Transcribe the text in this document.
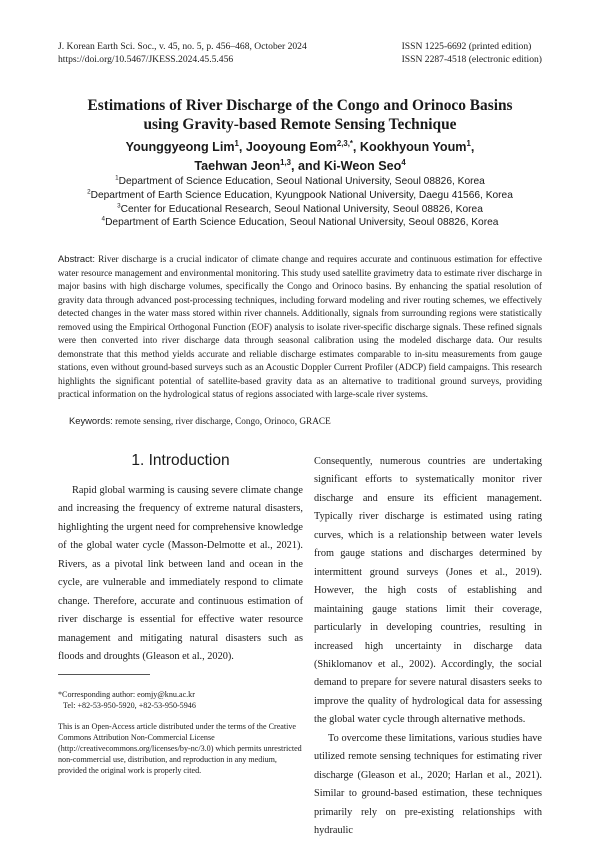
J. Korean Earth Sci. Soc., v. 45, no. 5, p. 456–468, October 2024
https://doi.org/10.5467/JKESS.2024.45.5.456
ISSN 1225-6692 (printed edition)
ISSN 2287-4518 (electronic edition)
Estimations of River Discharge of the Congo and Orinoco Basins
using Gravity-based Remote Sensing Technique
Younggyeong Lim$^1$, Jooyoung Eom$^{2,3,*}$, Kookhyoun Youm$^1$,
Taehwan Jeon$^{1,3}$, and Ki-Weon Seo$^4$
$^1$Department of Science Education, Seoul National University, Seoul 08826, Korea
$^2$Department of Earth Science Education, Kyungpook National University, Daegu 41566, Korea
$^3$Center for Educational Research, Seoul National University, Seoul 08826, Korea
$^4$Department of Earth Science Education, Seoul National University, Seoul 08826, Korea
Abstract: River discharge is a crucial indicator of climate change and requires accurate and continuous estimation for effective water resource management and environmental monitoring. This study used satellite gravimetry data to estimate river discharge in major basins with high discharge volumes, specifically the Congo and Orinoco basins. By enhancing the spatial resolution of gravity data through advanced post-processing techniques, including forward modeling and river routing schemes, we effectively detected changes in the water mass stored within river channels. Additionally, signals from surrounding regions were statistically removed using the Empirical Orthogonal Function (EOF) analysis to isolate river-specific discharge signals. These refined signals were then converted into river discharge data through seasonal calibration using the modeled discharge data. Our results demonstrate that this method yields accurate and reliable discharge estimates comparable to in-situ measurements from gauge stations, even without ground-based surveys such as an Acoustic Doppler Current Profiler (ADCP) field campaigns. This research highlights the significant potential of satellite-based gravity data as an alternative to traditional ground surveys, providing practical information on the hydrological status of regions associated with large-scale river systems.
Keywords: remote sensing, river discharge, Congo, Orinoco, GRACE
1. Introduction

Rapid global warming is causing severe climate change and increasing the frequency of extreme natural disasters, highlighting the urgent need for comprehensive knowledge of the global water cycle (Masson-Delmotte et al., 2021). Rivers, as a pivotal link between land and ocean in the cycle, are vulnerable and immediately respond to climate change. Therefore, accurate and continuous estimation of river discharge is essential for effective water resource management and mitigating natural disasters such as floods and droughts (Gleason et al., 2020).

*Corresponding author: eomjy@knu.ac.kr

Tel: +82-53-950-5920, +82-53-950-5946

This is an Open-Access article distributed under the terms of the Creative Commons Attribution Non-Commercial License (http://creativecommons.org/licenses/by-nc/3.0) which permits unrestricted non-commercial use, distribution, and reproduction in any medium, provided the original work is properly cited.

Consequently, numerous countries are undertaking significant efforts to systematically monitor river discharge and ensure its efficient management. Typically river discharge is estimated using rating curves, which is a relationship between water levels from gauge stations and discharges determined by intermittent ground surveys (Jones et al., 2019). However, the high costs of establishing and maintaining gauge stations limit their coverage, particularly in developing countries, resulting in increased high uncertainty in discharge data (Shiklomanov et al., 2002). Accordingly, the social demand to prepare for severe natural disasters seeks to improve the quality of hydrological data for assessing the global water cycle through alternative methods.

To overcome these limitations, various studies have utilized remote sensing techniques for estimating river discharge (Gleason et al., 2020; Harlan et al., 2021). Similar to ground-based estimation, these techniques primarily rely on pre-existing relationships with hydraulic
